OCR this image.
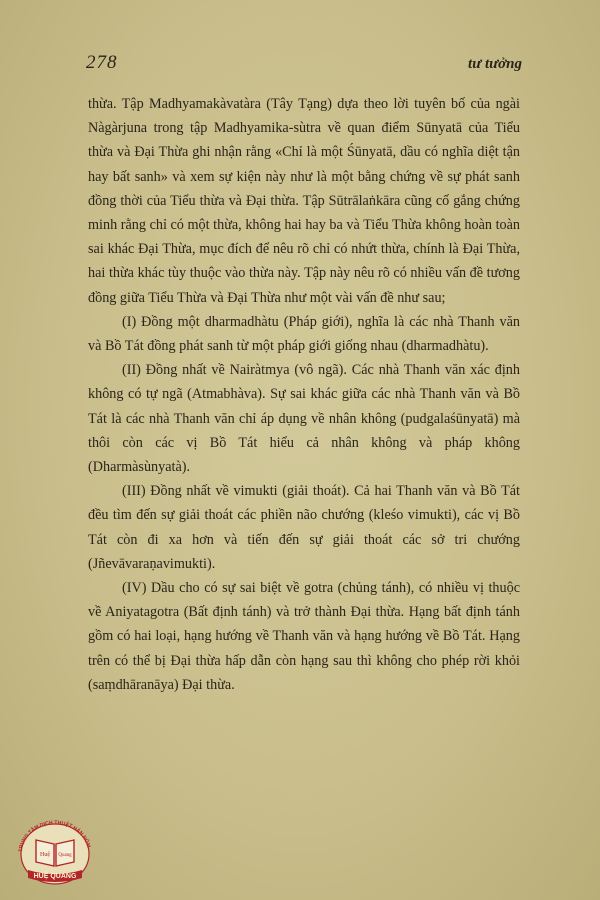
278	tư tưởng

thừa. Tập Madhyamakàvatàra (Tây Tạng) dựa theo lời tuyên bố của ngài Nàgàrjuna trong tập Madhyamika-sùtra về quan điểm Sūnyatā của Tiểu thừa và Đại Thừa ghi nhận rằng «Chỉ là một Śūnyatā, dầu có nghĩa diệt tận hay bất sanh» và xem sự kiện này như là một bằng chứng về sự phát sanh đồng thời của Tiểu thừa và Đại thừa. Tập Sūtrālaṅkāra cũng cố gắng chứng minh rằng chỉ có một thừa, không hai hay ba và Tiểu Thừa không hoàn toàn sai khác Đại Thừa, mục đích để nêu rõ chỉ có nhứt thừa, chính là Đại Thừa, hai thừa khác tùy thuộc vào thừa này. Tập này nêu rõ có nhiều vấn đề tương đồng giữa Tiểu Thừa và Đại Thừa như một vài vấn đề như sau;

(I) Đồng một dharmadhàtu (Pháp giới), nghĩa là các nhà Thanh văn và Bồ Tát đồng phát sanh từ một pháp giới giống nhau (dharmadhàtu).

(II) Đồng nhất về Nairàtmya (vô ngã). Các nhà Thanh văn xác định không có tự ngã (Atmabhàva). Sự sai khác giữa các nhà Thanh văn và Bồ Tát là các nhà Thanh văn chỉ áp dụng về nhân không (pudgalaśūnyatā) mà thôi còn các vị Bồ Tát hiểu cả nhân không và pháp không (Dharmàsùnyatà).

(III) Đồng nhất về vimukti (giải thoát). Cả hai Thanh văn và Bồ Tát đều tìm đến sự giải thoát các phiền não chướng (kleśo vimukti), các vị Bồ Tát còn đi xa hơn và tiến đến sự giải thoát các sở tri chướng (Jñevāvaraṇavimukti).

(IV) Dầu cho có sự sai biệt về gotra (chủng tánh), có nhiều vị thuộc về Aniyatagotra (Bất định tánh) và trở thành Đại thừa. Hạng bất định tánh gồm có hai loại, hạng hướng về Thanh văn và hạng hướng về Bồ Tát. Hạng trên có thể bị Đại thừa hấp dẫn còn hạng sau thì không cho phép rời khỏi (saṃdhāranāya) Đại thừa.

TRUNG TÂM DỊCH THUẬT HÁN NÔM
Huệ Quang
HUỆ QUANG
